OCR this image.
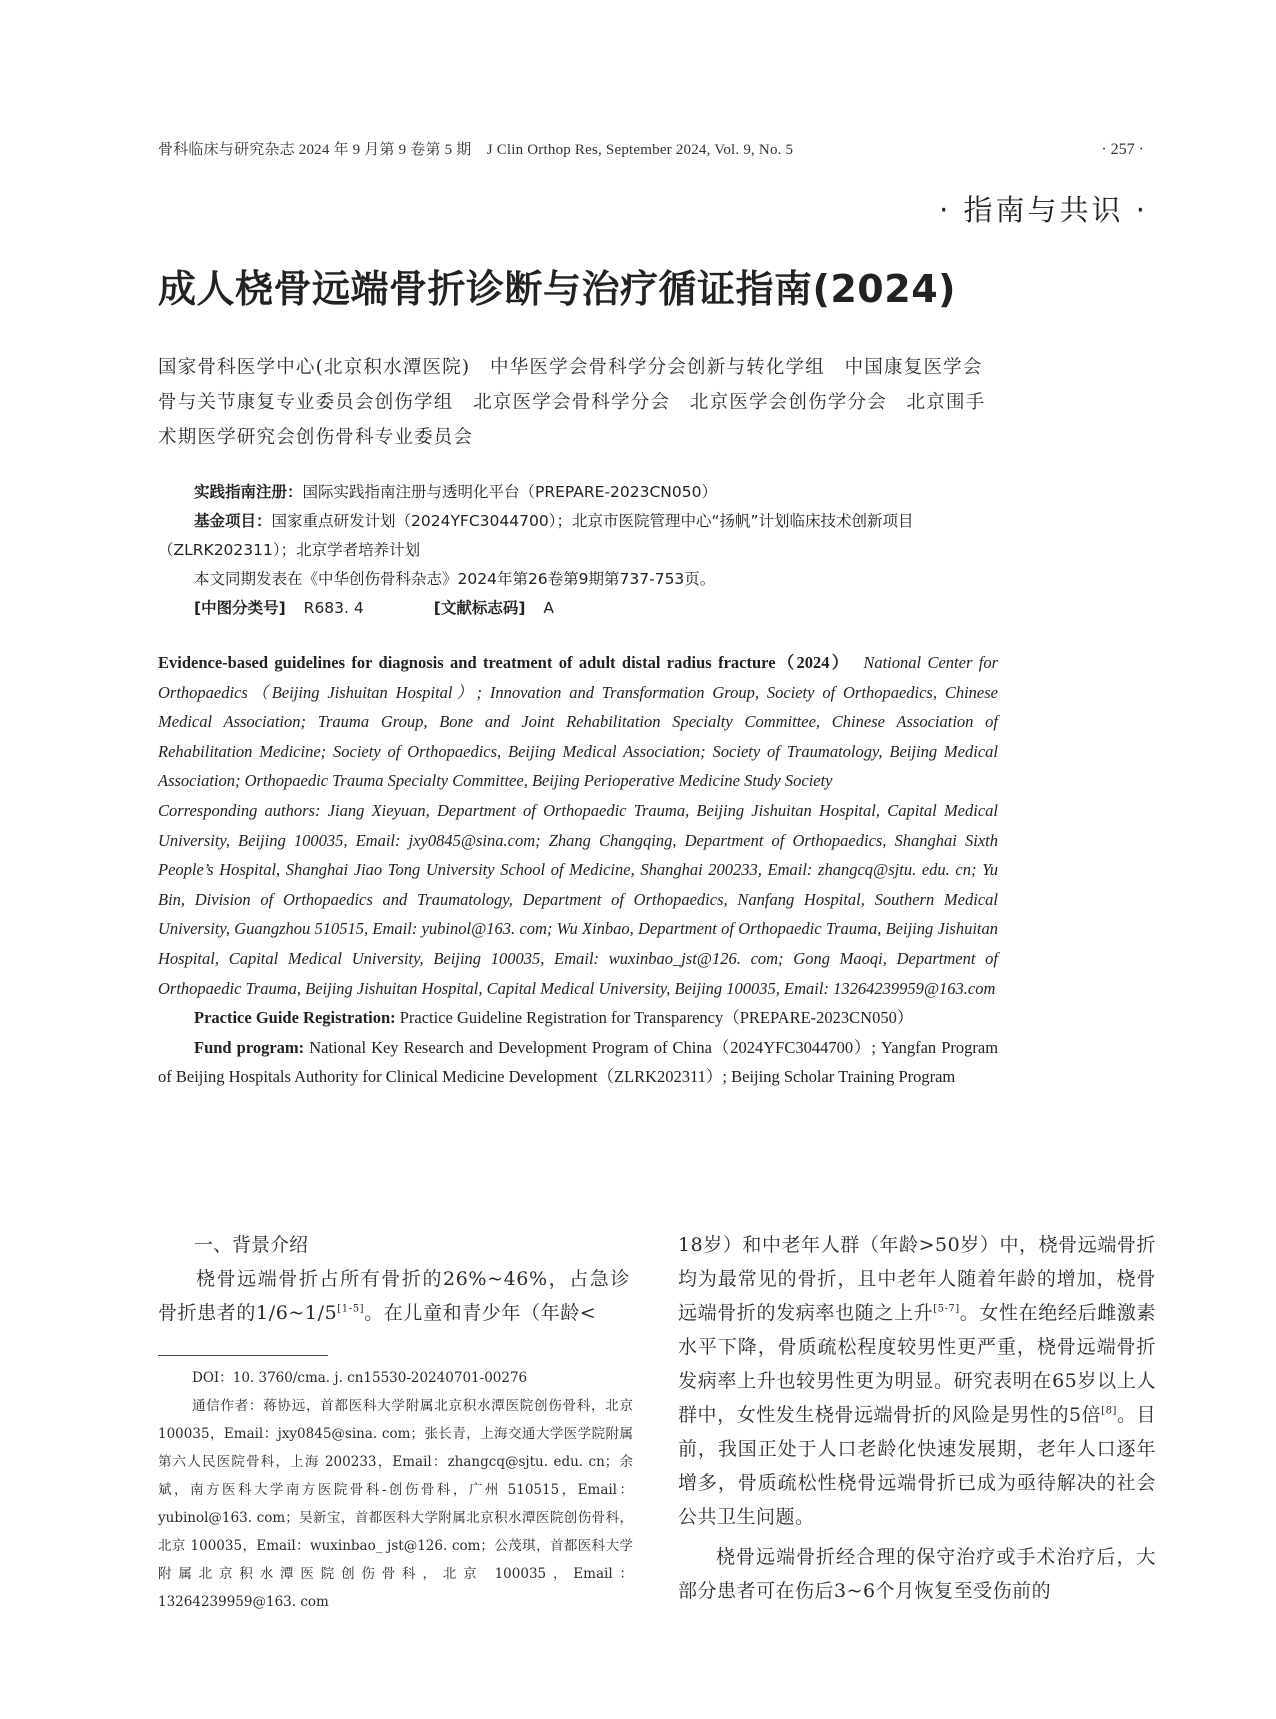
骨科临床与研究杂志 2024 年 9 月第 9 卷第 5 期　J Clin Orthop Res, September 2024, Vol. 9, No. 5	· 257 ·
· 指南与共识 ·
成人桡骨远端骨折诊断与治疗循证指南(2024)
国家骨科医学中心(北京积水潭医院)　中华医学会骨科学分会创新与转化学组　中国康复医学会骨与关节康复专业委员会创伤学组　北京医学会骨科学分会　北京医学会创伤学分会　北京围手术期医学研究会创伤骨科专业委员会

实践指南注册：国际实践指南注册与透明化平台（PREPARE-2023CN050）

基金项目：国家重点研发计划（2024YFC3044700）；北京市医院管理中心“扬帆”计划临床技术创新项目（ZLRK202311）；北京学者培养计划

本文同期发表在《中华创伤骨科杂志》2024年第26卷第9期第737-753页。

[中图分类号] R683. 4	[文献标志码] A

Evidence-based guidelines for diagnosis and treatment of adult distal radius fracture（2024） National Center for Orthopaedics（Beijing Jishuitan Hospital）; Innovation and Transformation Group, Society of Orthopaedics, Chinese Medical Association; Trauma Group, Bone and Joint Rehabilitation Specialty Committee, Chinese Association of Rehabilitation Medicine; Society of Orthopaedics, Beijing Medical Association; Society of Traumatology, Beijing Medical Association; Orthopaedic Trauma Specialty Committee, Beijing Perioperative Medicine Study Society

Corresponding authors: Jiang Xieyuan, Department of Orthopaedic Trauma, Beijing Jishuitan Hospital, Capital Medical University, Beijing 100035, Email: jxy0845@sina.com; Zhang Changqing, Department of Orthopaedics, Shanghai Sixth People’s Hospital, Shanghai Jiao Tong University School of Medicine, Shanghai 200233, Email: zhangcq@sjtu. edu. cn; Yu Bin, Division of Orthopaedics and Traumatology, Department of Orthopaedics, Nanfang Hospital, Southern Medical University, Guangzhou 510515, Email: yubinol@163. com; Wu Xinbao, Department of Orthopaedic Trauma, Beijing Jishuitan Hospital, Capital Medical University, Beijing 100035, Email: wuxinbao_jst@126. com; Gong Maoqi, Department of Orthopaedic Trauma, Beijing Jishuitan Hospital, Capital Medical University, Beijing 100035, Email: 13264239959@163.com

Practice Guide Registration: Practice Guideline Registration for Transparency（PREPARE-2023CN050）

Fund program: National Key Research and Development Program of China（2024YFC3044700）; Yangfan Program of Beijing Hospitals Authority for Clinical Medicine Development（ZLRK202311）; Beijing Scholar Training Program

一、背景介绍

桡骨远端骨折占所有骨折的26%~46%，占急诊骨折患者的1/6~1/5[1-5]。在儿童和青少年（年龄<

DOI：10. 3760/cma. j. cn15530-20240701-00276

通信作者：蒋协远，首都医科大学附属北京积水潭医院创伤骨科，北京 100035，Email：jxy0845@sina. com；张长青，上海交通大学医学院附属第六人民医院骨科，上海 200233，Email：zhangcq@sjtu. edu. cn；余斌，南方医科大学南方医院骨科-创伤骨科，广州 510515，Email：yubinol@163. com；吴新宝，首都医科大学附属北京积水潭医院创伤骨科，北京 100035，Email：wuxinbao_ jst@126. com；公茂琪，首都医科大学附属北京积水潭医院创伤骨科，北京 100035，Email：13264239959@163. com

18岁）和中老年人群（年龄>50岁）中，桡骨远端骨折均为最常见的骨折，且中老年人随着年龄的增加，桡骨远端骨折的发病率也随之上升[5-7]。女性在绝经后雌激素水平下降，骨质疏松程度较男性更严重，桡骨远端骨折发病率上升也较男性更为明显。研究表明在65岁以上人群中，女性发生桡骨远端骨折的风险是男性的5倍[8]。目前，我国正处于人口老龄化快速发展期，老年人口逐年增多，骨质疏松性桡骨远端骨折已成为亟待解决的社会公共卫生问题。

桡骨远端骨折经合理的保守治疗或手术治疗后，大部分患者可在伤后3~6个月恢复至受伤前的
